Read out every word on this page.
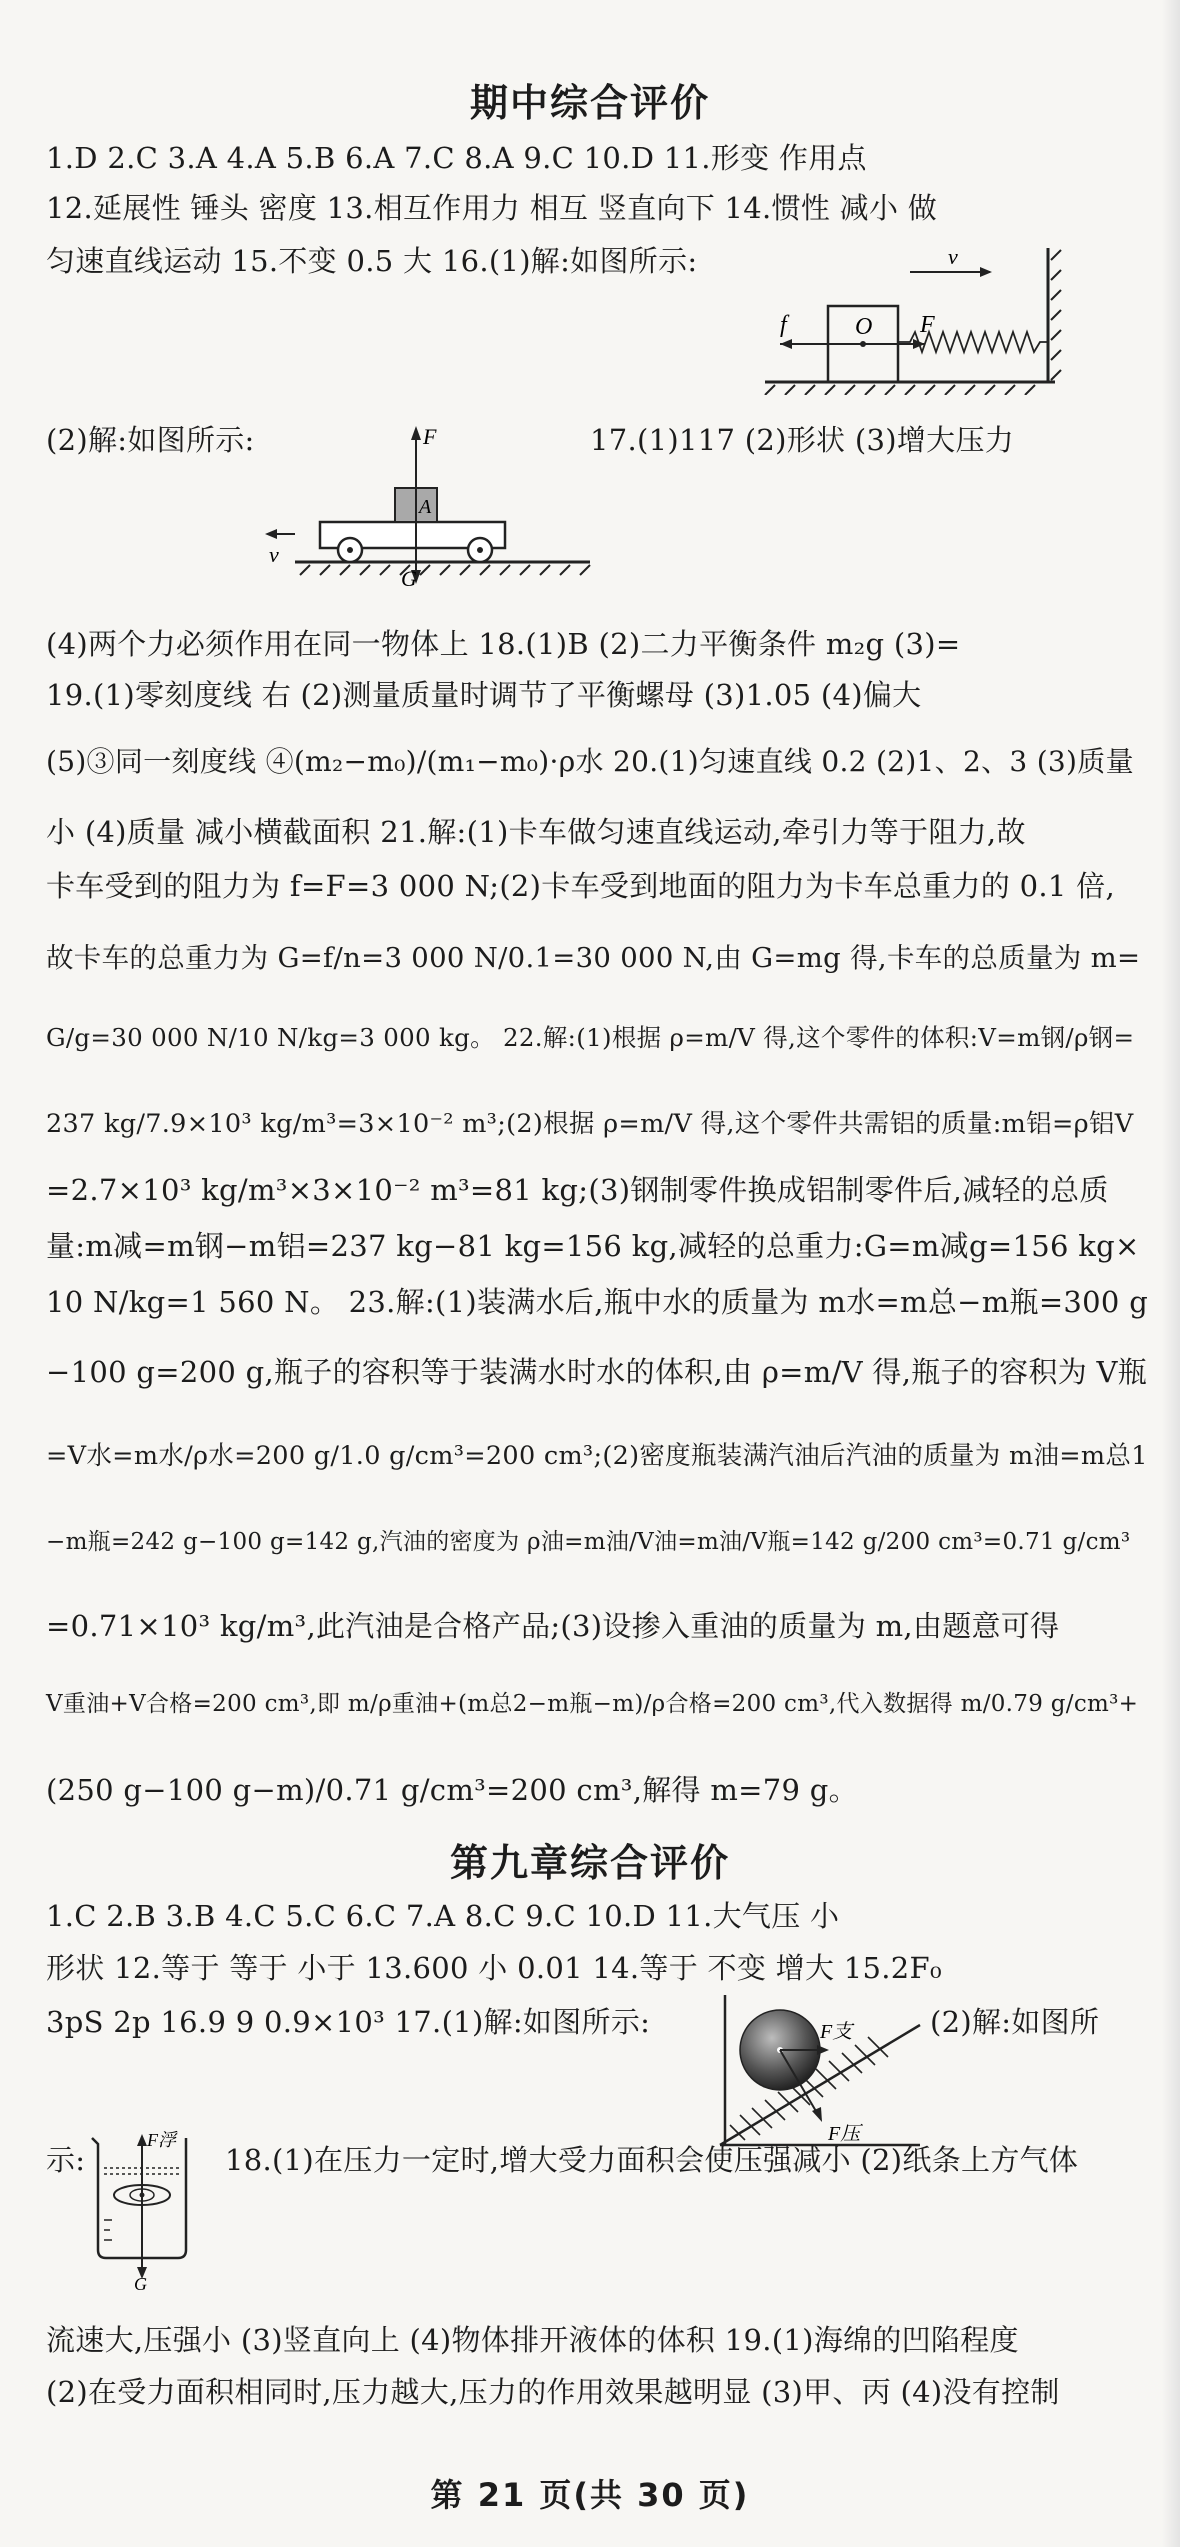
期中综合评价
1.D 2.C 3.A 4.A 5.B 6.A 7.C 8.A 9.C 10.D 11.形变 作用点
12.延展性 锤头 密度 13.相互作用力 相互 竖直向下 14.惯性 减小 做
匀速直线运动 15.不变 0.5 大 16.(1)解:如图所示:	v
f	O F
(2)解:如图所示:	F
A
v
G
17.(1)117 (2)形状 (3)增大压力
(4)两个力必须作用在同一物体上 18.(1)B (2)二力平衡条件 m₂g (3)=
19.(1)零刻度线 右 (2)测量质量时调节了平衡螺母 (3)1.05 (4)偏大
(5)③同一刻度线 ④(m₂−m₀)/(m₁−m₀)·ρ水 20.(1)匀速直线 0.2 (2)1、2、3 (3)质量
小 (4)质量 减小横截面积 21.解:(1)卡车做匀速直线运动,牵引力等于阻力,故
卡车受到的阻力为 f=F=3 000 N;(2)卡车受到地面的阻力为卡车总重力的 0.1 倍,
故卡车的总重力为 G=f/n=3 000 N/0.1=30 000 N,由 G=mg 得,卡车的总质量为 m=
G/g=30 000 N/10 N/kg=3 000 kg。 22.解:(1)根据 ρ=m/V 得,这个零件的体积:V=m钢/ρ钢=
237 kg/7.9×10³ kg/m³=3×10⁻² m³;(2)根据 ρ=m/V 得,这个零件共需铝的质量:m铝=ρ铝V
=2.7×10³ kg/m³×3×10⁻² m³=81 kg;(3)钢制零件换成铝制零件后,减轻的总质
量:m减=m钢−m铝=237 kg−81 kg=156 kg,减轻的总重力:G=m减g=156 kg×
10 N/kg=1 560 N。 23.解:(1)装满水后,瓶中水的质量为 m水=m总−m瓶=300 g
−100 g=200 g,瓶子的容积等于装满水时水的体积,由 ρ=m/V 得,瓶子的容积为 V瓶
=V水=m水/ρ水=200 g/1.0 g/cm³=200 cm³;(2)密度瓶装满汽油后汽油的质量为 m油=m总1
−m瓶=242 g−100 g=142 g,汽油的密度为 ρ油=m油/V油=m油/V瓶=142 g/200 cm³=0.71 g/cm³
=0.71×10³ kg/m³,此汽油是合格产品;(3)设掺入重油的质量为 m,由题意可得
V重油+V合格=200 cm³,即 m/ρ重油+(m总2−m瓶−m)/ρ合格=200 cm³,代入数据得 m/0.79 g/cm³+
(250 g−100 g−m)/0.71 g/cm³=200 cm³,解得 m=79 g。
第九章综合评价
1.C 2.B 3.B 4.C 5.C 6.C 7.A 8.C 9.C 10.D 11.大气压 小
形状 12.等于 等于 小于 13.600 小 0.01 14.等于 不变 增大 15.2F₀
3pS 2p 16.9 9 0.9×10³ 17.(1)解:如图所示:	(2)解:如图所
F支
F压
示:
F浮
G
18.(1)在压力一定时,增大受力面积会使压强减小 (2)纸条上方气体
流速大,压强小 (3)竖直向上 (4)物体排开液体的体积 19.(1)海绵的凹陷程度
(2)在受力面积相同时,压力越大,压力的作用效果越明显 (3)甲、丙 (4)没有控制
第 21 页(共 30 页)
